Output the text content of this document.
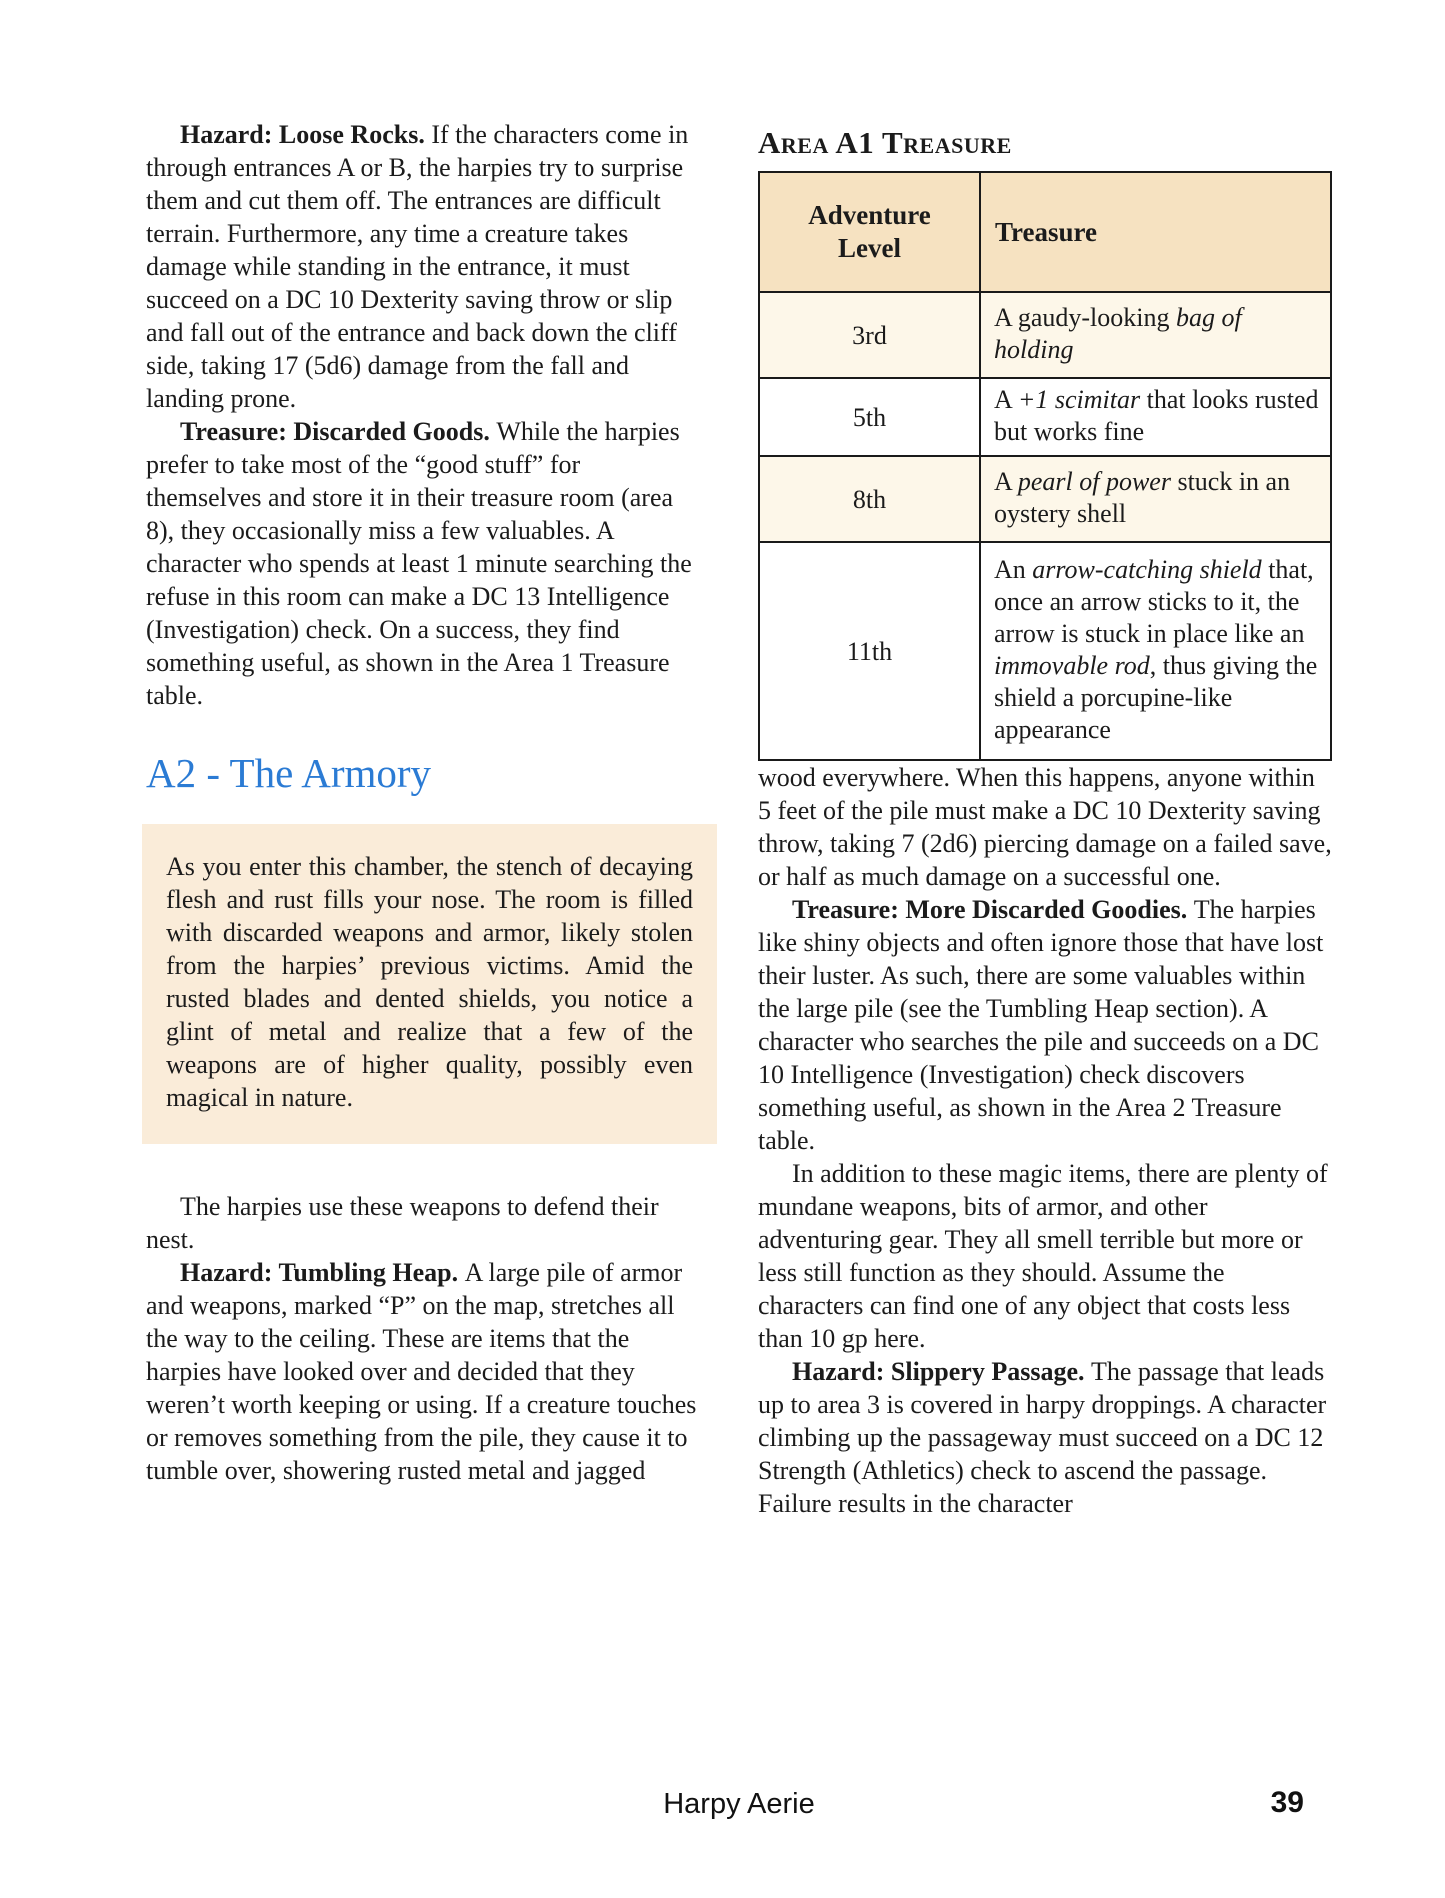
Hazard: Loose Rocks. If the characters come in through entrances A or B, the harpies try to surprise them and cut them off. The entrances are difficult terrain. Furthermore, any time a creature takes damage while standing in the entrance, it must succeed on a DC 10 Dexterity saving throw or slip and fall out of the entrance and back down the cliff side, taking 17 (5d6) damage from the fall and landing prone.

Treasure: Discarded Goods. While the harpies prefer to take most of the “good stuff” for themselves and store it in their treasure room (area 8), they occasionally miss a few valuables. A character who spends at least 1 minute searching the refuse in this room can make a DC 13 Intelligence (Investigation) check. On a success, they find something useful, as shown in the Area 1 Treasure table.

A2 - The Armory
As you enter this chamber, the stench of decaying flesh and rust fills your nose. The room is filled with discarded weapons and armor, likely stolen from the harpies’ previous victims. Amid the rusted blades and dented shields, you notice a glint of metal and realize that a few of the weapons are of higher quality, possibly even magical in nature.

The harpies use these weapons to defend their nest.

Hazard: Tumbling Heap. A large pile of armor and weapons, marked “P” on the map, stretches all the way to the ceiling. These are items that the harpies have looked over and decided that they weren’t worth keeping or using. If a creature touches or removes something from the pile, they cause it to tumble over, showering rusted metal and jagged

Area A1 Treasure
Adventure Level	Treasure
3rd	A gaudy-looking bag of holding
5th	A +1 scimitar that looks rusted but works fine
8th	A pearl of power stuck in an oystery shell
11th	An arrow-catching shield that, once an arrow sticks to it, the arrow is stuck in place like an immovable rod, thus giving the shield a porcupine-like appearance

wood everywhere. When this happens, anyone within 5 feet of the pile must make a DC 10 Dexterity saving throw, taking 7 (2d6) piercing damage on a failed save, or half as much damage on a successful one.

Treasure: More Discarded Goodies. The harpies like shiny objects and often ignore those that have lost their luster. As such, there are some valuables within the large pile (see the Tumbling Heap section). A character who searches the pile and succeeds on a DC 10 Intelligence (Investigation) check discovers something useful, as shown in the Area 2 Treasure table.

In addition to these magic items, there are plenty of mundane weapons, bits of armor, and other adventuring gear. They all smell terrible but more or less still function as they should. Assume the characters can find one of any object that costs less than 10 gp here.

Hazard: Slippery Passage. The passage that leads up to area 3 is covered in harpy droppings. A character climbing up the passageway must succeed on a DC 12 Strength (Athletics) check to ascend the passage. Failure results in the character

Harpy Aerie	39
